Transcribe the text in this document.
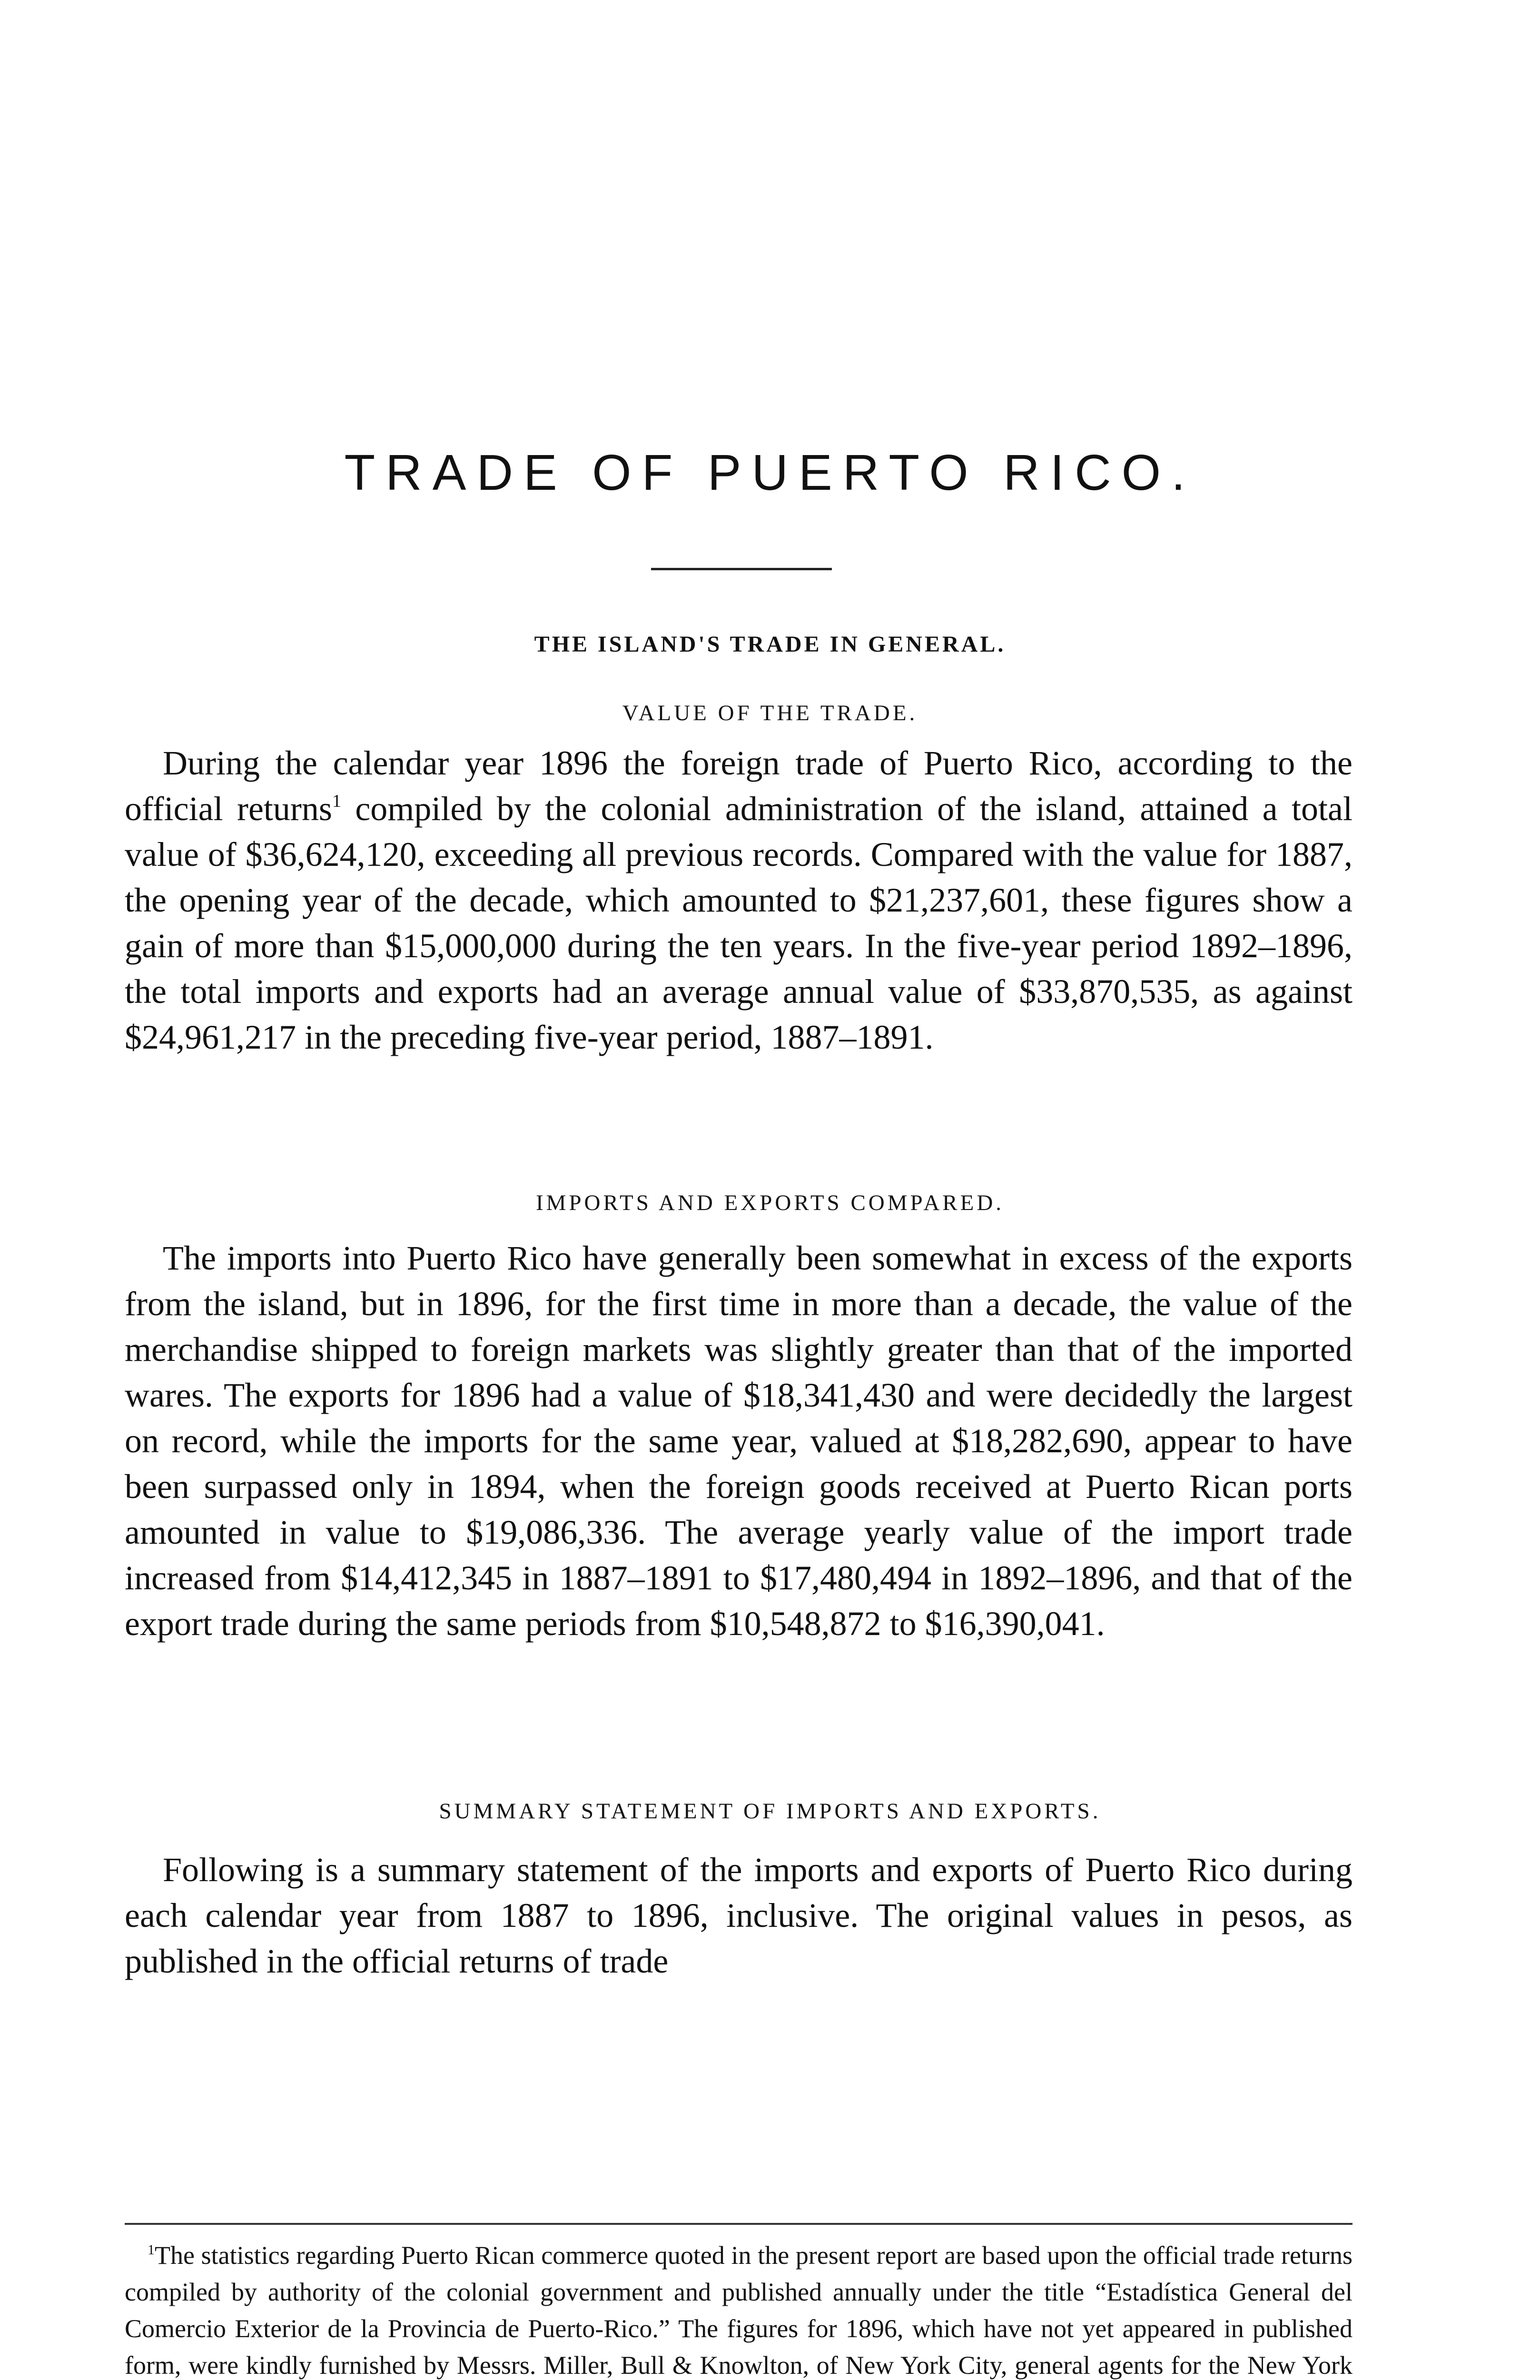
TRADE OF PUERTO RICO.
THE ISLAND'S TRADE IN GENERAL.
VALUE OF THE TRADE.

During the calendar year 1896 the foreign trade of Puerto Rico, according to the official returns$^1$ compiled by the colonial administration of the island, attained a total value of $36,624,120, exceeding all previous records. Compared with the value for 1887, the opening year of the decade, which amounted to $21,237,601, these figures show a gain of more than $15,000,000 during the ten years. In the five-year period 1892–1896, the total imports and exports had an average annual value of $33,870,535, as against $24,961,217 in the preceding five-year period, 1887–1891.

IMPORTS AND EXPORTS COMPARED.

The imports into Puerto Rico have generally been somewhat in excess of the exports from the island, but in 1896, for the first time in more than a decade, the value of the merchandise shipped to foreign markets was slightly greater than that of the imported wares. The exports for 1896 had a value of $18,341,430 and were decidedly the largest on record, while the imports for the same year, valued at $18,282,690, appear to have been surpassed only in 1894, when the foreign goods received at Puerto Rican ports amounted in value to $19,086,336. The average yearly value of the import trade increased from $14,412,345 in 1887–1891 to $17,480,494 in 1892–1896, and that of the export trade during the same periods from $10,548,872 to $16,390,041.

SUMMARY STATEMENT OF IMPORTS AND EXPORTS.

Following is a summary statement of the imports and exports of Puerto Rico during each calendar year from 1887 to 1896, inclusive. The original values in pesos, as published in the official returns of trade

$^1$The statistics regarding Puerto Rican commerce quoted in the present report are based upon the official trade returns compiled by authority of the colonial government and published annually under the title “Estadística General del Comercio Exterior de la Provincia de Puerto-Rico.” The figures for 1896, which have not yet appeared in published form, were kindly furnished by Messrs. Miller, Bull & Knowlton, of New York City, general agents for the New York
